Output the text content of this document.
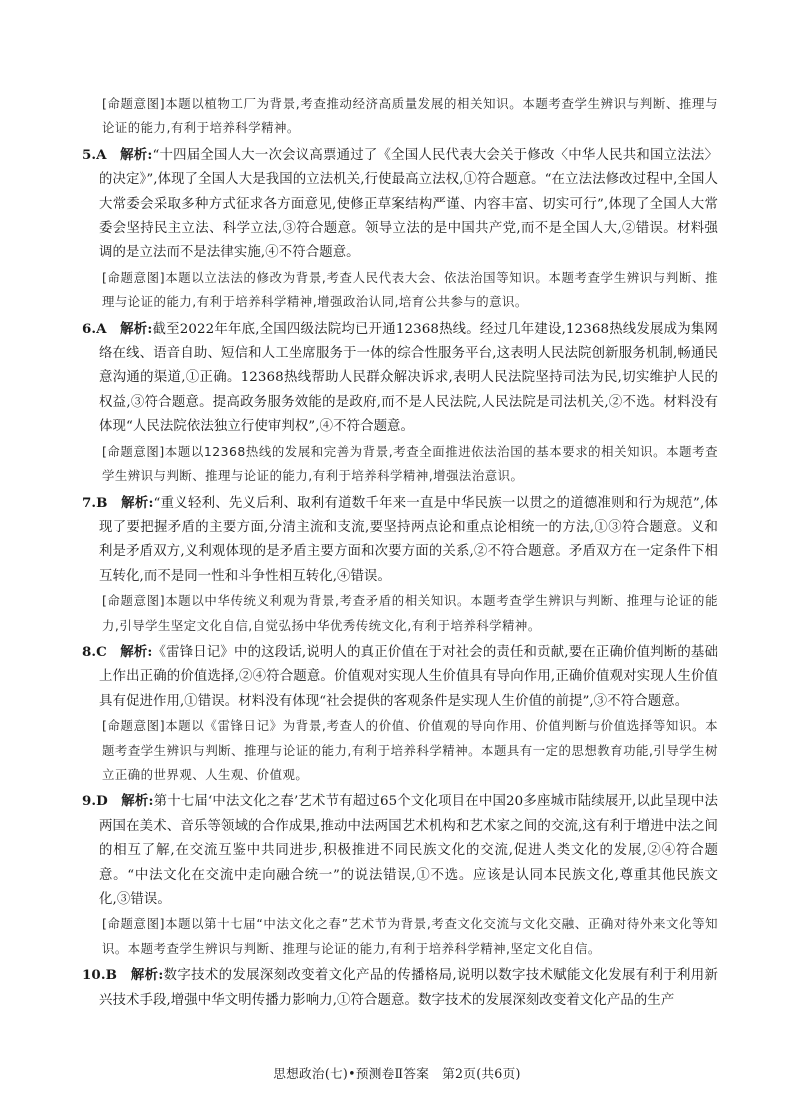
[命题意图]本题以植物工厂为背景,考查推动经济高质量发展的相关知识。本题考查学生辨识与判断、推理与论证的能力,有利于培养科学精神。

5.A 解析:“十四届全国人大一次会议高票通过了《全国人民代表大会关于修改〈中华人民共和国立法法〉的决定》”,体现了全国人大是我国的立法机关,行使最高立法权,①符合题意。“在立法法修改过程中,全国人大常委会采取多种方式征求各方面意见,使修正草案结构严谨、内容丰富、切实可行”,体现了全国人大常委会坚持民主立法、科学立法,③符合题意。领导立法的是中国共产党,而不是全国人大,②错误。材料强调的是立法而不是法律实施,④不符合题意。

[命题意图]本题以立法法的修改为背景,考查人民代表大会、依法治国等知识。本题考查学生辨识与判断、推理与论证的能力,有利于培养科学精神,增强政治认同,培育公共参与的意识。

6.A 解析:截至2022年年底,全国四级法院均已开通12368热线。经过几年建设,12368热线发展成为集网络在线、语音自助、短信和人工坐席服务于一体的综合性服务平台,这表明人民法院创新服务机制,畅通民意沟通的渠道,①正确。12368热线帮助人民群众解决诉求,表明人民法院坚持司法为民,切实维护人民的权益,③符合题意。提高政务服务效能的是政府,而不是人民法院,人民法院是司法机关,②不选。材料没有体现“人民法院依法独立行使审判权”,④不符合题意。

[命题意图]本题以12368热线的发展和完善为背景,考查全面推进依法治国的基本要求的相关知识。本题考查学生辨识与判断、推理与论证的能力,有利于培养科学精神,增强法治意识。

7.B 解析:“重义轻利、先义后利、取利有道数千年来一直是中华民族一以贯之的道德准则和行为规范”,体现了要把握矛盾的主要方面,分清主流和支流,要坚持两点论和重点论相统一的方法,①③符合题意。义和利是矛盾双方,义利观体现的是矛盾主要方面和次要方面的关系,②不符合题意。矛盾双方在一定条件下相互转化,而不是同一性和斗争性相互转化,④错误。

[命题意图]本题以中华传统义利观为背景,考查矛盾的相关知识。本题考查学生辨识与判断、推理与论证的能力,引导学生坚定文化自信,自觉弘扬中华优秀传统文化,有利于培养科学精神。

8.C 解析:《雷锋日记》中的这段话,说明人的真正价值在于对社会的责任和贡献,要在正确价值判断的基础上作出正确的价值选择,②④符合题意。价值观对实现人生价值具有导向作用,正确价值观对实现人生价值具有促进作用,①错误。材料没有体现“社会提供的客观条件是实现人生价值的前提”,③不符合题意。

[命题意图]本题以《雷锋日记》为背景,考查人的价值、价值观的导向作用、价值判断与价值选择等知识。本题考查学生辨识与判断、推理与论证的能力,有利于培养科学精神。本题具有一定的思想教育功能,引导学生树立正确的世界观、人生观、价值观。

9.D 解析:第十七届‘中法文化之春’艺术节有超过65个文化项目在中国20多座城市陆续展开,以此呈现中法两国在美术、音乐等领域的合作成果,推动中法两国艺术机构和艺术家之间的交流,这有利于增进中法之间的相互了解,在交流互鉴中共同进步,积极推进不同民族文化的交流,促进人类文化的发展,②④符合题意。“中法文化在交流中走向融合统一”的说法错误,①不选。应该是认同本民族文化,尊重其他民族文化,③错误。

[命题意图]本题以第十七届“中法文化之春”艺术节为背景,考查文化交流与文化交融、正确对待外来文化等知识。本题考查学生辨识与判断、推理与论证的能力,有利于培养科学精神,坚定文化自信。

10.B 解析:数字技术的发展深刻改变着文化产品的传播格局,说明以数字技术赋能文化发展有利于利用新兴技术手段,增强中华文明传播力影响力,①符合题意。数字技术的发展深刻改变着文化产品的生产

思想政治(七)•预测卷Ⅱ答案　第2页(共6页)
